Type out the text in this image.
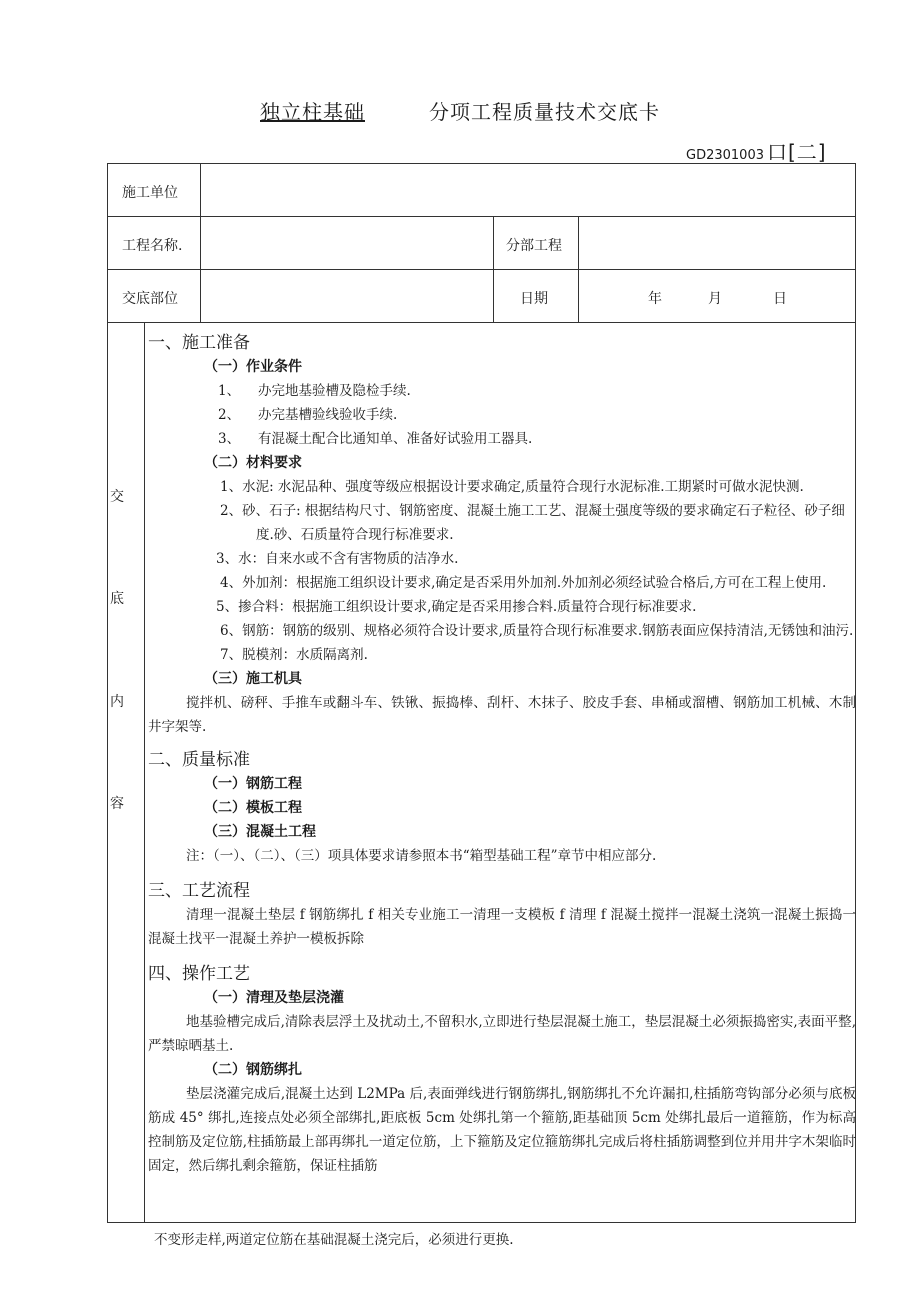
独立柱基础	分项工程质量技术交底卡
GD2301003 口[二]
施工单位
工程名称.	分部工程
交底部位	日期	年	月	日
交
底
内
容
一、施工准备
（一）作业条件
1、 办完地基验槽及隐检手续.
2、 办完基槽验线验收手续.
3、 有混凝土配合比通知单、准备好试验用工器具.
（二）材料要求
1、水泥: 水泥品种、强度等级应根据设计要求确定,质量符合现行水泥标准.工期紧时可做水泥快测.
2、砂、石子: 根据结构尺寸、钢筋密度、混凝土施工工艺、混凝土强度等级的要求确定石子粒径、砂子细度.砂、石质量符合现行标准要求.
3、水：自来水或不含有害物质的洁净水.
4、外加剂：根据施工组织设计要求,确定是否采用外加剂.外加剂必须经试验合格后,方可在工程上使用.
5、掺合料：根据施工组织设计要求,确定是否采用掺合料.质量符合现行标准要求.
6、钢筋：钢筋的级别、规格必须符合设计要求,质量符合现行标准要求.钢筋表面应保持清洁,无锈蚀和油污.
7、脱模剂：水质隔离剂.
（三）施工机具
搅拌机、磅秤、手推车或翻斗车、铁锹、振捣棒、刮杆、木抹子、胶皮手套、串桶或溜槽、钢筋加工机械、木制井字架等.
二、质量标准
（一）钢筋工程
（二）模板工程
（三）混凝土工程
注：（一）、（二）、（三）项具体要求请参照本书“箱型基础工程”章节中相应部分.
三、工艺流程
清理一混凝土垫层 f 钢筋绑扎 f 相关专业施工一清理一支模板 f 清理 f 混凝土搅拌一混凝土浇筑一混凝土振捣一混凝土找平一混凝土养护一模板拆除
四、操作工艺
（一）清理及垫层浇灌
地基验槽完成后,清除表层浮土及扰动土,不留积水,立即进行垫层混凝土施工，垫层混凝土必须振捣密实,表面平整,严禁晾晒基土.
（二）钢筋绑扎
垫层浇灌完成后,混凝土达到 L2MPa 后,表面弹线进行钢筋绑扎,钢筋绑扎不允许漏扣,柱插筋弯钩部分必须与底板筋成 45° 绑扎,连接点处必须全部绑扎,距底板 5cm 处绑扎第一个箍筋,距基础顶 5cm 处绑扎最后一道箍筋，作为标高控制筋及定位筋,柱插筋最上部再绑扎一道定位筋，上下箍筋及定位箍筋绑扎完成后将柱插筋调整到位并用井字木架临时固定，然后绑扎剩余箍筋，保证柱插筋
不变形走样,两道定位筋在基础混凝土浇完后，必须进行更换.
